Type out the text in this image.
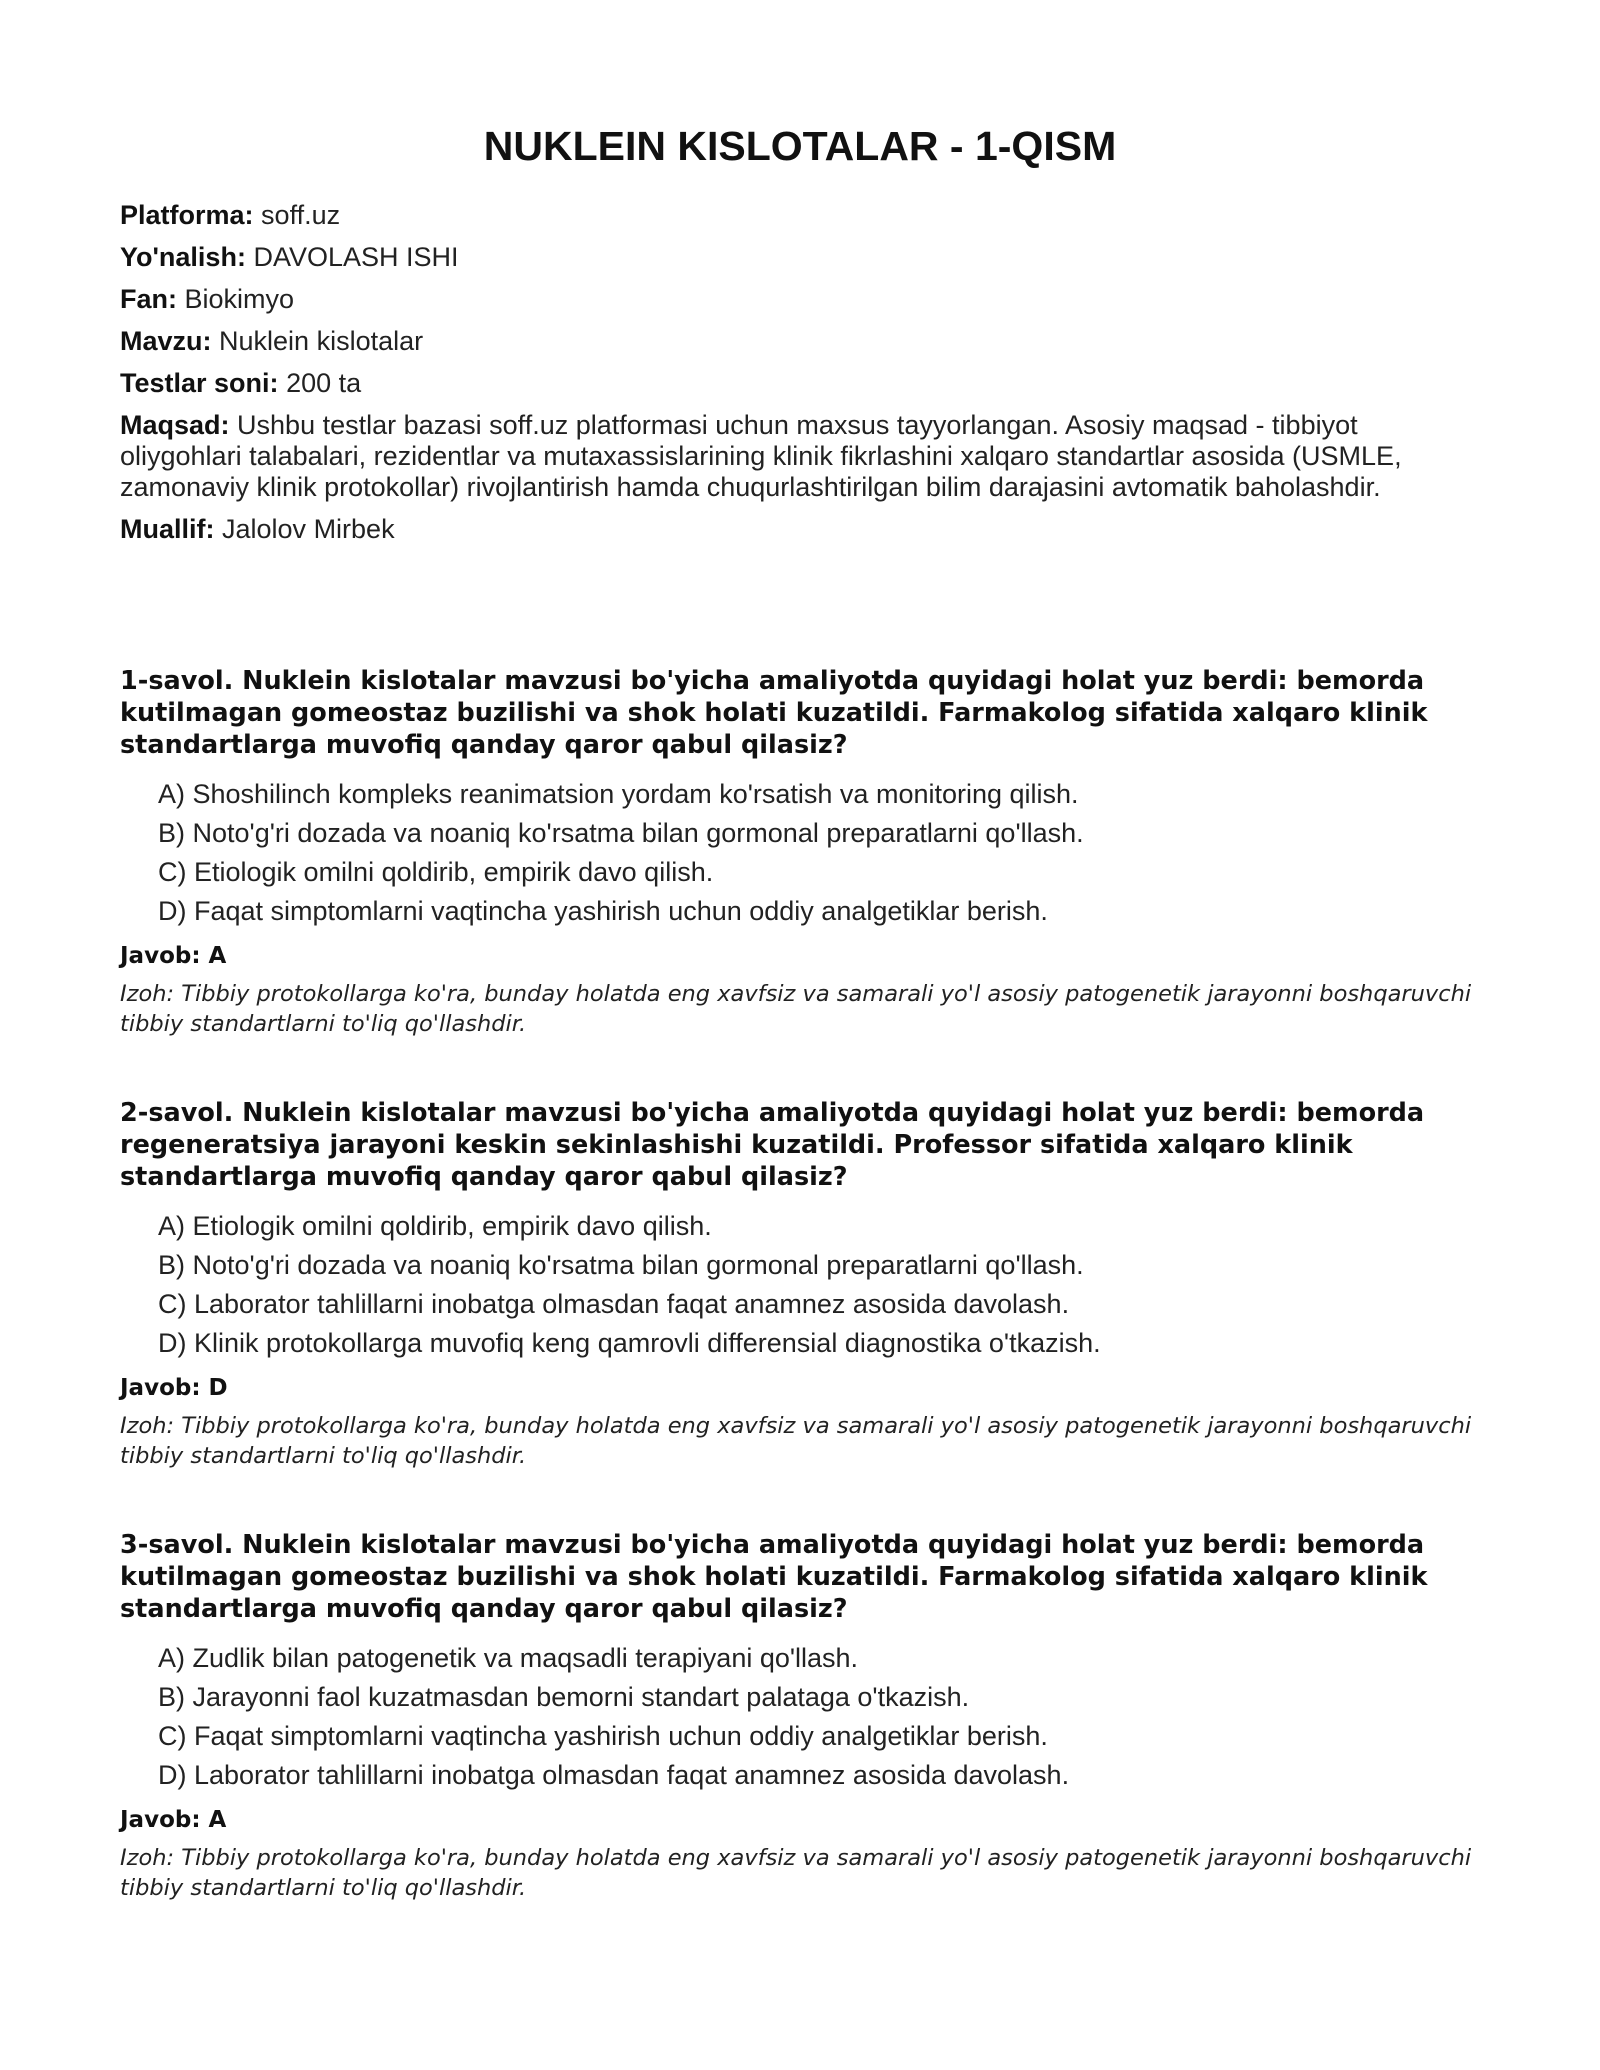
NUKLEIN KISLOTALAR - 1-QISM

Platforma: soff.uz

Yo'nalish: DAVOLASH ISHI

Fan: Biokimyo

Mavzu: Nuklein kislotalar

Testlar soni: 200 ta

Maqsad: Ushbu testlar bazasi soff.uz platformasi uchun maxsus tayyorlangan. Asosiy maqsad - tibbiyot oliygohlari talabalari, rezidentlar va mutaxassislarining klinik fikrlashini xalqaro standartlar asosida (USMLE, zamonaviy klinik protokollar) rivojlantirish hamda chuqurlashtirilgan bilim darajasini avtomatik baholashdir.

Muallif: Jalolov Mirbek

1-savol. Nuklein kislotalar mavzusi bo'yicha amaliyotda quyidagi holat yuz berdi: bemorda kutilmagan gomeostaz buzilishi va shok holati kuzatildi. Farmakolog sifatida xalqaro klinik standartlarga muvofiq qanday qaror qabul qilasiz?

A) Shoshilinch kompleks reanimatsion yordam ko'rsatish va monitoring qilish.
B) Noto'g'ri dozada va noaniq ko'rsatma bilan gormonal preparatlarni qo'llash.
C) Etiologik omilni qoldirib, empirik davo qilish.
D) Faqat simptomlarni vaqtincha yashirish uchun oddiy analgetiklar berish.

Javob: A

Izoh: Tibbiy protokollarga ko'ra, bunday holatda eng xavfsiz va samarali yo'l asosiy patogenetik jarayonni boshqaruvchi tibbiy standartlarni to'liq qo'llashdir.

2-savol. Nuklein kislotalar mavzusi bo'yicha amaliyotda quyidagi holat yuz berdi: bemorda regeneratsiya jarayoni keskin sekinlashishi kuzatildi. Professor sifatida xalqaro klinik standartlarga muvofiq qanday qaror qabul qilasiz?

A) Etiologik omilni qoldirib, empirik davo qilish.
B) Noto'g'ri dozada va noaniq ko'rsatma bilan gormonal preparatlarni qo'llash.
C) Laborator tahlillarni inobatga olmasdan faqat anamnez asosida davolash.
D) Klinik protokollarga muvofiq keng qamrovli differensial diagnostika o'tkazish.

Javob: D

Izoh: Tibbiy protokollarga ko'ra, bunday holatda eng xavfsiz va samarali yo'l asosiy patogenetik jarayonni boshqaruvchi tibbiy standartlarni to'liq qo'llashdir.

3-savol. Nuklein kislotalar mavzusi bo'yicha amaliyotda quyidagi holat yuz berdi: bemorda kutilmagan gomeostaz buzilishi va shok holati kuzatildi. Farmakolog sifatida xalqaro klinik standartlarga muvofiq qanday qaror qabul qilasiz?

A) Zudlik bilan patogenetik va maqsadli terapiyani qo'llash.
B) Jarayonni faol kuzatmasdan bemorni standart palataga o'tkazish.
C) Faqat simptomlarni vaqtincha yashirish uchun oddiy analgetiklar berish.
D) Laborator tahlillarni inobatga olmasdan faqat anamnez asosida davolash.

Javob: A

Izoh: Tibbiy protokollarga ko'ra, bunday holatda eng xavfsiz va samarali yo'l asosiy patogenetik jarayonni boshqaruvchi tibbiy standartlarni to'liq qo'llashdir.
